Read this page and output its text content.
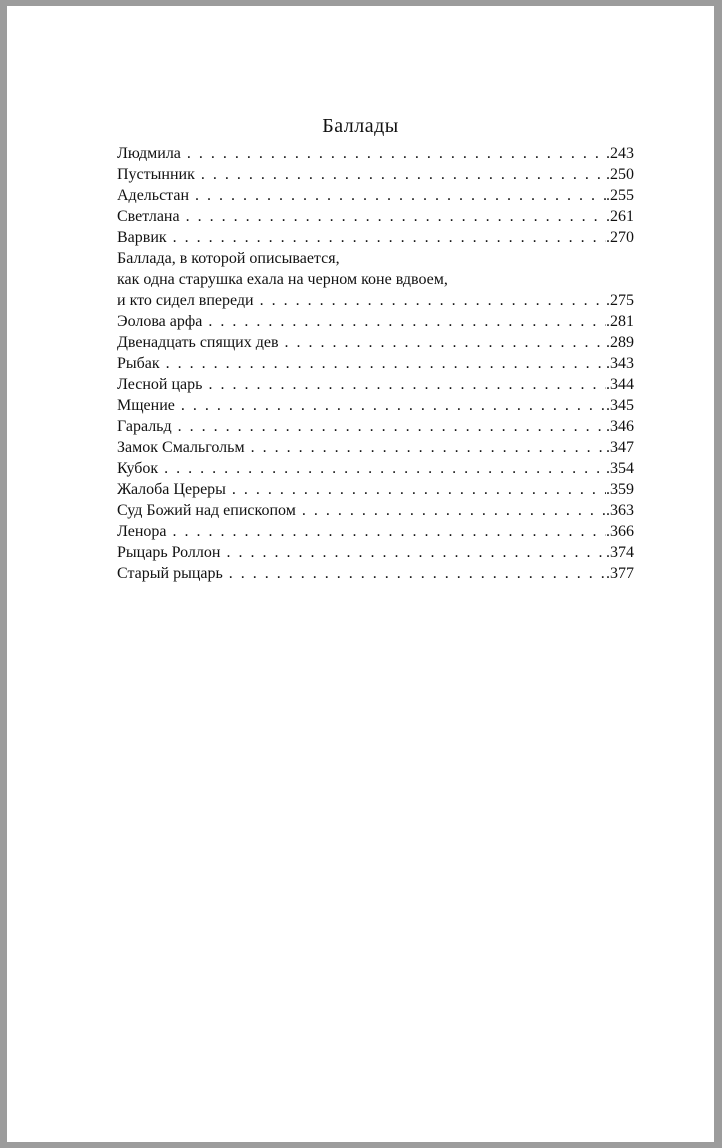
Баллады
Людмила . . .	.243
Пустынник . . .	.250
Адельстан . . .	.255
Светлана . . .	.261
Варвик . . .	.270
Баллада, в которой описывается,
как одна старушка ехала на черном коне вдвоем,
и кто сидел впереди . . .	.275
Эолова арфа . . .	.281
Двенадцать спящих дев . . .	.289
Рыбак . . .	.343
Лесной царь . . .	.344
Мщение . . .	.345
Гаральд . . .	.346
Замок Смальгольм . . .	.347
Кубок . . .	.354
Жалоба Цереры . . .	.359
Суд Божий над епископом . . .	.363
Ленора . . .	.366
Рыцарь Роллон . . .	.374
Старый рыцарь . . .	.377
